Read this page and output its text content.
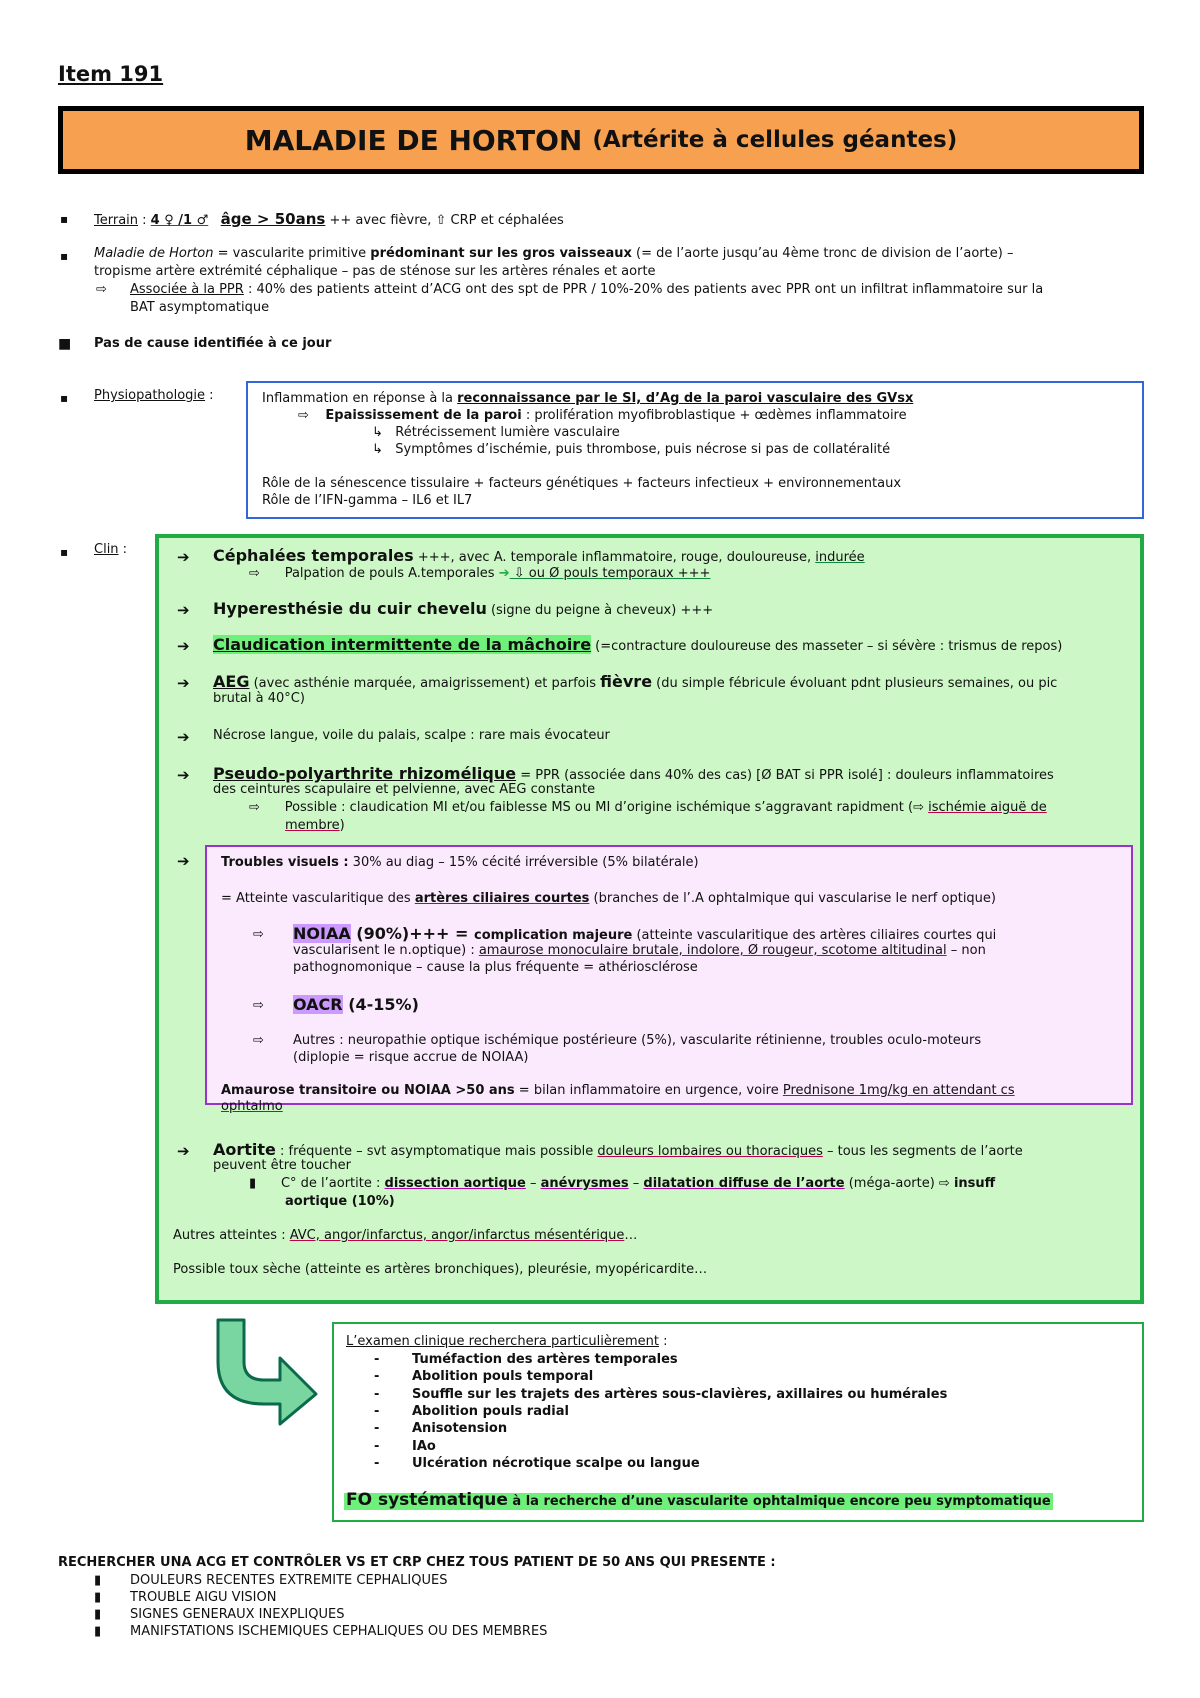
Item 191
MALADIE DE HORTON (Artérite à cellules géantes)
▪ Terrain : 4 ♀ /1 ♂ âge > 50ans ++ avec fièvre, ⇧ CRP et céphalées
▪ Maladie de Horton = vascularite primitive prédominant sur les gros vaisseaux (= de l’aorte jusqu’au 4ème tronc de division de l’aorte) –
tropisme artère extrémité céphalique – pas de sténose sur les artères rénales et aorte
⇨ Associée à la PPR : 40% des patients atteint d’ACG ont des spt de PPR / 10%-20% des patients avec PPR ont un infiltrat inflammatoire sur la
BAT asymptomatique
■ Pas de cause identifiée à ce jour
▪ Physiopathologie :	Inflammation en réponse à la reconnaissance par le SI, d’Ag de la paroi vasculaire des GVsx
⇨    Epaississement de la paroi : prolifération myofibroblastique + œdèmes inflammatoire
↳   Rétrécissement lumière vasculaire
↳   Symptômes d’ischémie, puis thrombose, puis nécrose si pas de collatéralité
Rôle de la sénescence tissulaire + facteurs génétiques + facteurs infectieux + environnementaux
Rôle de l’IFN-gamma – IL6 et IL7
▪ Clin :	➔ Céphalées temporales +++, avec A. temporale inflammatoire, rouge, douloureuse, indurée
⇨      Palpation de pouls A.temporales ➔ ⇩ ou Ø pouls temporaux +++
➔ Hyperesthésie du cuir chevelu (signe du peigne à cheveux) +++
➔ Claudication intermittente de la mâchoire (=contracture douloureuse des masseter – si sévère : trismus de repos)
➔ AEG (avec asthénie marquée, amaigrissement) et parfois fièvre (du simple fébricule évoluant pdnt plusieurs semaines, ou pic
brutal à 40°C)
➔ Nécrose langue, voile du palais, scalpe : rare mais évocateur
➔ Pseudo-polyarthrite rhizomélique = PPR (associée dans 40% des cas) [Ø BAT si PPR isolé] : douleurs inflammatoires
des ceintures scapulaire et pelvienne, avec AEG constante
⇨      Possible : claudication MI et/ou faiblesse MS ou MI d’origine ischémique s’aggravant rapidment (⇨ ischémie aiguë de
membre)
➔ Troubles visuels : 30% au diag – 15% cécité irréversible (5% bilatérale)
= Atteinte vascularitique des artères ciliaires courtes (branches de l’.A ophtalmique qui vascularise le nerf optique)
⇨ NOIAA (90%)+++ = complication majeure (atteinte vascularitique des artères ciliaires courtes qui
vascularisent le n.optique) : amaurose monoculaire brutale, indolore, Ø rougeur, scotome altitudinal – non
pathognomonique – cause la plus fréquente = athériosclérose
⇨ OACR (4-15%)
⇨ Autres : neuropathie optique ischémique postérieure (5%), vascularite rétinienne, troubles oculo-moteurs
(diplopie = risque accrue de NOIAA)
Amaurose transitoire ou NOIAA >50 ans = bilan inflammatoire en urgence, voire Prednisone 1mg/kg en attendant cs
ophtalmo
➔ Aortite : fréquente – svt asymptomatique mais possible douleurs lombaires ou thoraciques – tous les segments de l’aorte
peuvent être toucher
▮      C° de l’aortite : dissection aortique – anévrysmes – dilatation diffuse de l’aorte (méga-aorte) ⇨ insuff
aortique (10%)
Autres atteintes : AVC, angor/infarctus, angor/infarctus mésentérique…
Possible toux sèche (atteinte es artères bronchiques), pleurésie, myopéricardite…
L’examen clinique recherchera particulièrement :
-	Tuméfaction des artères temporales
-	Abolition pouls temporal
-	Souffle sur les trajets des artères sous-clavières, axillaires ou humérales
-	Abolition pouls radial
-	Anisotension
-	IAo
-	Ulcération nécrotique scalpe ou langue
FO systématique à la recherche d’une vascularite ophtalmique encore peu symptomatique
RECHERCHER UNA ACG ET CONTRÔLER VS ET CRP CHEZ TOUS PATIENT DE 50 ANS QUI PRESENTE :
▮ DOULEURS RECENTES EXTREMITE CEPHALIQUES
▮ TROUBLE AIGU VISION
▮ SIGNES GENERAUX INEXPLIQUES
▮ MANIFSTATIONS ISCHEMIQUES CEPHALIQUES OU DES MEMBRES
